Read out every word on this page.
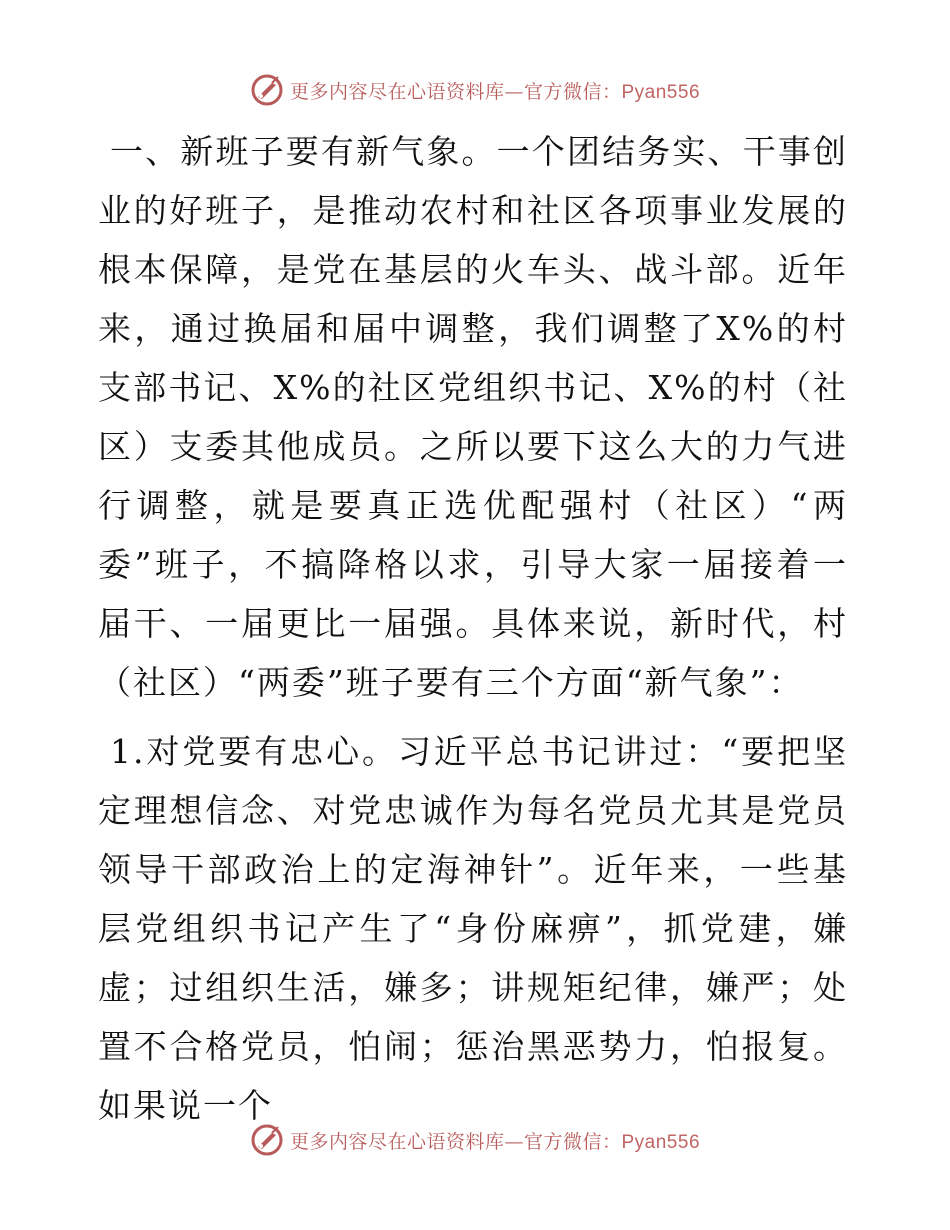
更多内容尽在心语资料库—官方微信：Pyan556

一、新班子要有新气象。一个团结务实、干事创业的好班子，是推动农村和社区各项事业发展的根本保障，是党在基层的火车头、战斗部。近年来，通过换届和届中调整，我们调整了X%的村支部书记、X%的社区党组织书记、X%的村（社区）支委其他成员。之所以要下这么大的力气进行调整，就是要真正选优配强村（社区）“两委”班子，不搞降格以求，引导大家一届接着一届干、一届更比一届强。具体来说，新时代，村（社区）“两委”班子要有三个方面“新气象”：

1.对党要有忠心。习近平总书记讲过：“要把坚定理想信念、对党忠诚作为每名党员尤其是党员领导干部政治上的定海神针”。近年来，一些基层党组织书记产生了“身份麻痹”，抓党建，嫌虚；过组织生活，嫌多；讲规矩纪律，嫌严；处置不合格党员，怕闹；惩治黑恶势力，怕报复。如果说一个

更多内容尽在心语资料库—官方微信：Pyan556
